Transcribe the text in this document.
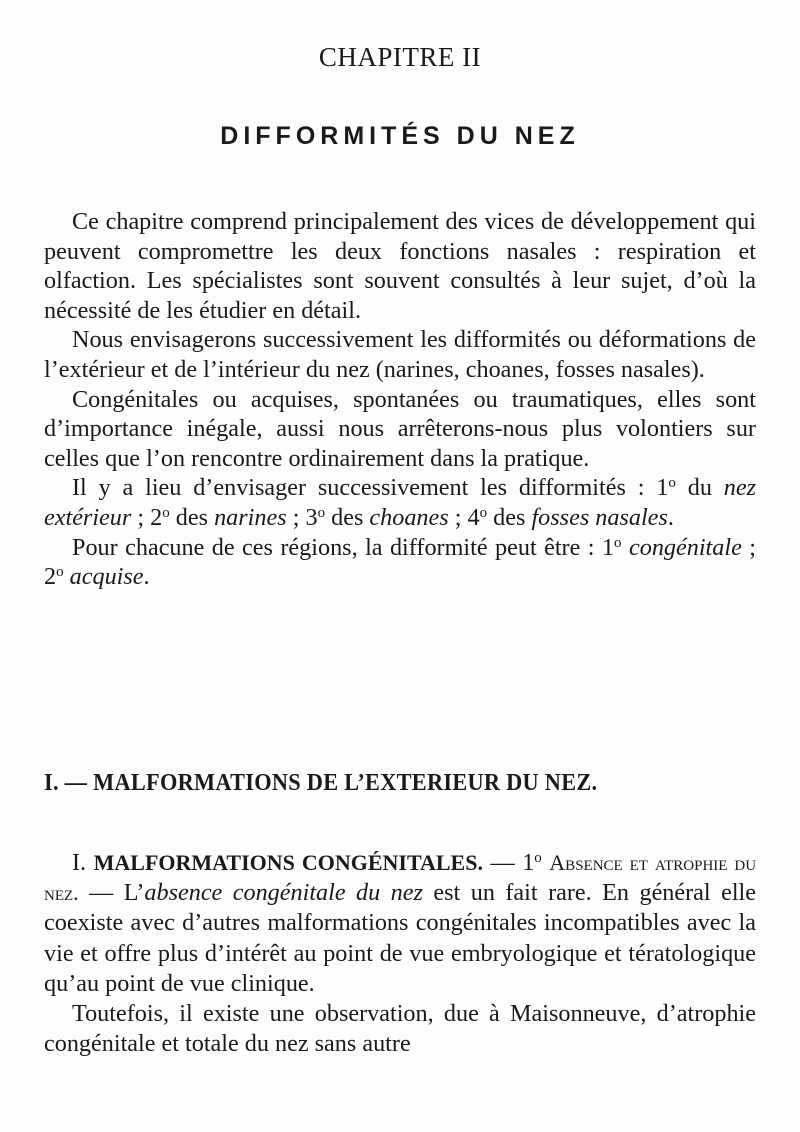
CHAPITRE II
DIFFORMITÉS DU NEZ

Ce chapitre comprend principalement des vices de développement qui peuvent compromettre les deux fonctions nasales : respiration et olfaction. Les spécialistes sont souvent consultés à leur sujet, d’où la nécessité de les étudier en détail.

Nous envisagerons successivement les difformités ou déformations de l’extérieur et de l’intérieur du nez (narines, choanes, fosses nasales).

Congénitales ou acquises, spontanées ou traumatiques, elles sont d’importance inégale, aussi nous arrêterons-nous plus volontiers sur celles que l’on rencontre ordinairement dans la pratique.

Il y a lieu d’envisager successivement les difformités : 1$^o$ du nez extérieur ; 2$^o$ des narines ; 3$^o$ des choanes ; 4$^o$ des fosses nasales.

Pour chacune de ces régions, la difformité peut être : 1$^o$ congénitale ; 2$^o$ acquise.

I. — MALFORMATIONS DE L’EXTERIEUR DU NEZ.

I. MALFORMATIONS CONGÉNITALES. — 1$^o$ Absence et atrophie du nez. — L’absence congénitale du nez est un fait rare. En général elle coexiste avec d’autres malformations congénitales incompatibles avec la vie et offre plus d’intérêt au point de vue embryologique et tératologique qu’au point de vue clinique.

Toutefois, il existe une observation, due à Maisonneuve, d’atrophie congénitale et totale du nez sans autre
